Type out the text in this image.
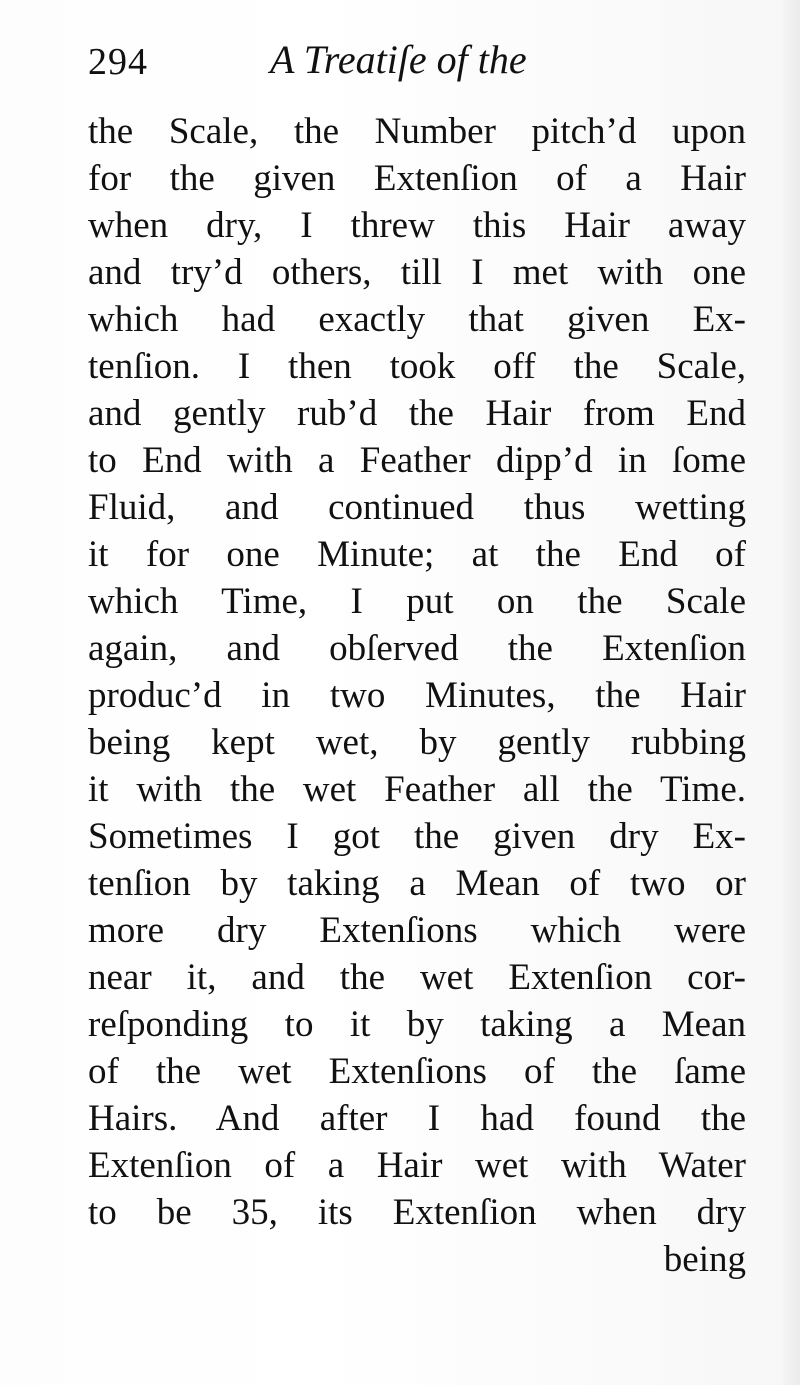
294	A Treatiſe of the
the Scale, the Number pitch’d upon
for the given Extenſion of a Hair
when dry, I threw this Hair away
and try’d others, till I met with one
which had exactly that given Ex-
tenſion. I then took off the Scale,
and gently rub’d the Hair from End
to End with a Feather dipp’d in ſome
Fluid, and continued thus wetting
it for one Minute; at the End of
which Time, I put on the Scale
again, and obſerved the Extenſion
produc’d in two Minutes, the Hair
being kept wet, by gently rubbing
it with the wet Feather all the Time.
Sometimes I got the given dry Ex-
tenſion by taking a Mean of two or
more dry Extenſions which were
near it, and the wet Extenſion cor-
reſponding to it by taking a Mean
of the wet Extenſions of the ſame
Hairs. And after I had found the
Extenſion of a Hair wet with Water
to be 35, its Extenſion when dry
being
